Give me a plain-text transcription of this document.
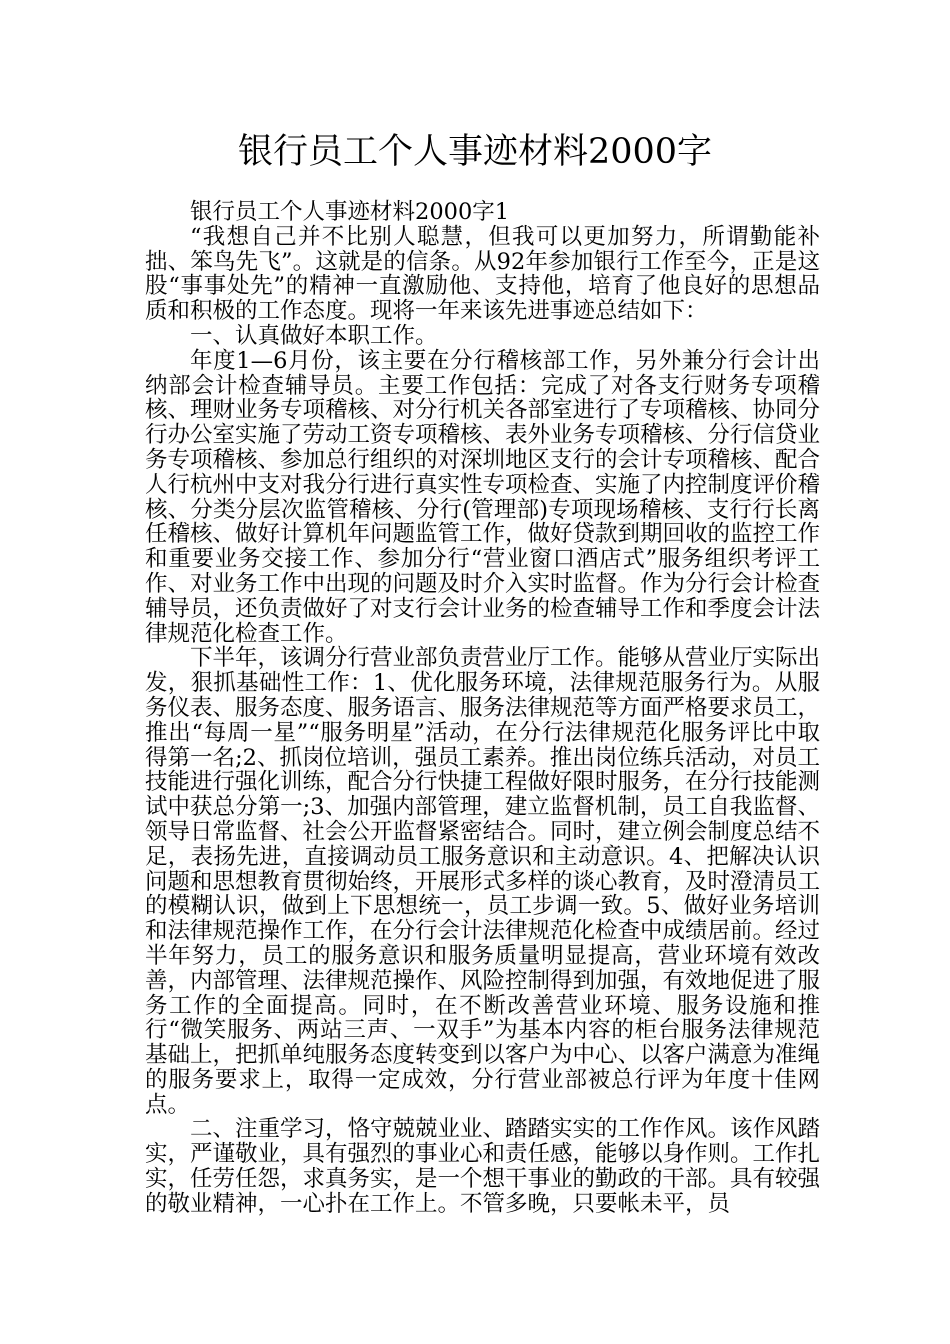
银行员工个人事迹材料2000字

银行员工个人事迹材料2000字1

“我想自己并不比别人聪慧，但我可以更加努力，所谓勤能补拙、笨鸟先飞”。这就是的信条。从92年参加银行工作至今，正是这股“事事处先”的精神一直激励他、支持他，培育了他良好的思想品质和积极的工作态度。现将一年来该先进事迹总结如下：

一、认真做好本职工作。

年度1—6月份，该主要在分行稽核部工作，另外兼分行会计出纳部会计检查辅导员。主要工作包括：完成了对各支行财务专项稽核、理财业务专项稽核、对分行机关各部室进行了专项稽核、协同分行办公室实施了劳动工资专项稽核、表外业务专项稽核、分行信贷业务专项稽核、参加总行组织的对深圳地区支行的会计专项稽核、配合人行杭州中支对我分行进行真实性专项检查、实施了内控制度评价稽核、分类分层次监管稽核、分行(管理部)专项现场稽核、支行行长离任稽核、做好计算机年问题监管工作，做好贷款到期回收的监控工作和重要业务交接工作、参加分行“营业窗口酒店式”服务组织考评工作、对业务工作中出现的问题及时介入实时监督。作为分行会计检查辅导员，还负责做好了对支行会计业务的检查辅导工作和季度会计法律规范化检查工作。

下半年，该调分行营业部负责营业厅工作。能够从营业厅实际出发，狠抓基础性工作：1、优化服务环境，法律规范服务行为。从服务仪表、服务态度、服务语言、服务法律规范等方面严格要求员工，推出“每周一星”“服务明星”活动，在分行法律规范化服务评比中取得第一名;2、抓岗位培训，强员工素养。推出岗位练兵活动，对员工技能进行强化训练，配合分行快捷工程做好限时服务，在分行技能测试中获总分第一;3、加强内部管理，建立监督机制，员工自我监督、领导日常监督、社会公开监督紧密结合。同时，建立例会制度总结不足，表扬先进，直接调动员工服务意识和主动意识。4、把解决认识问题和思想教育贯彻始终，开展形式多样的谈心教育，及时澄清员工的模糊认识，做到上下思想统一，员工步调一致。5、做好业务培训和法律规范操作工作，在分行会计法律规范化检查中成绩居前。经过半年努力，员工的服务意识和服务质量明显提高，营业环境有效改善，内部管理、法律规范操作、风险控制得到加强，有效地促进了服务工作的全面提高。同时，在不断改善营业环境、服务设施和推行“微笑服务、两站三声、一双手”为基本内容的柜台服务法律规范基础上，把抓单纯服务态度转变到以客户为中心、以客户满意为准绳的服务要求上，取得一定成效，分行营业部被总行评为年度十佳网点。

二、注重学习，恪守兢兢业业、踏踏实实的工作作风。该作风踏实，严谨敬业，具有强烈的事业心和责任感，能够以身作则。工作扎实，任劳任怨，求真务实，是一个想干事业的勤政的干部。具有较强的敬业精神，一心扑在工作上。不管多晚，只要帐未平，员
